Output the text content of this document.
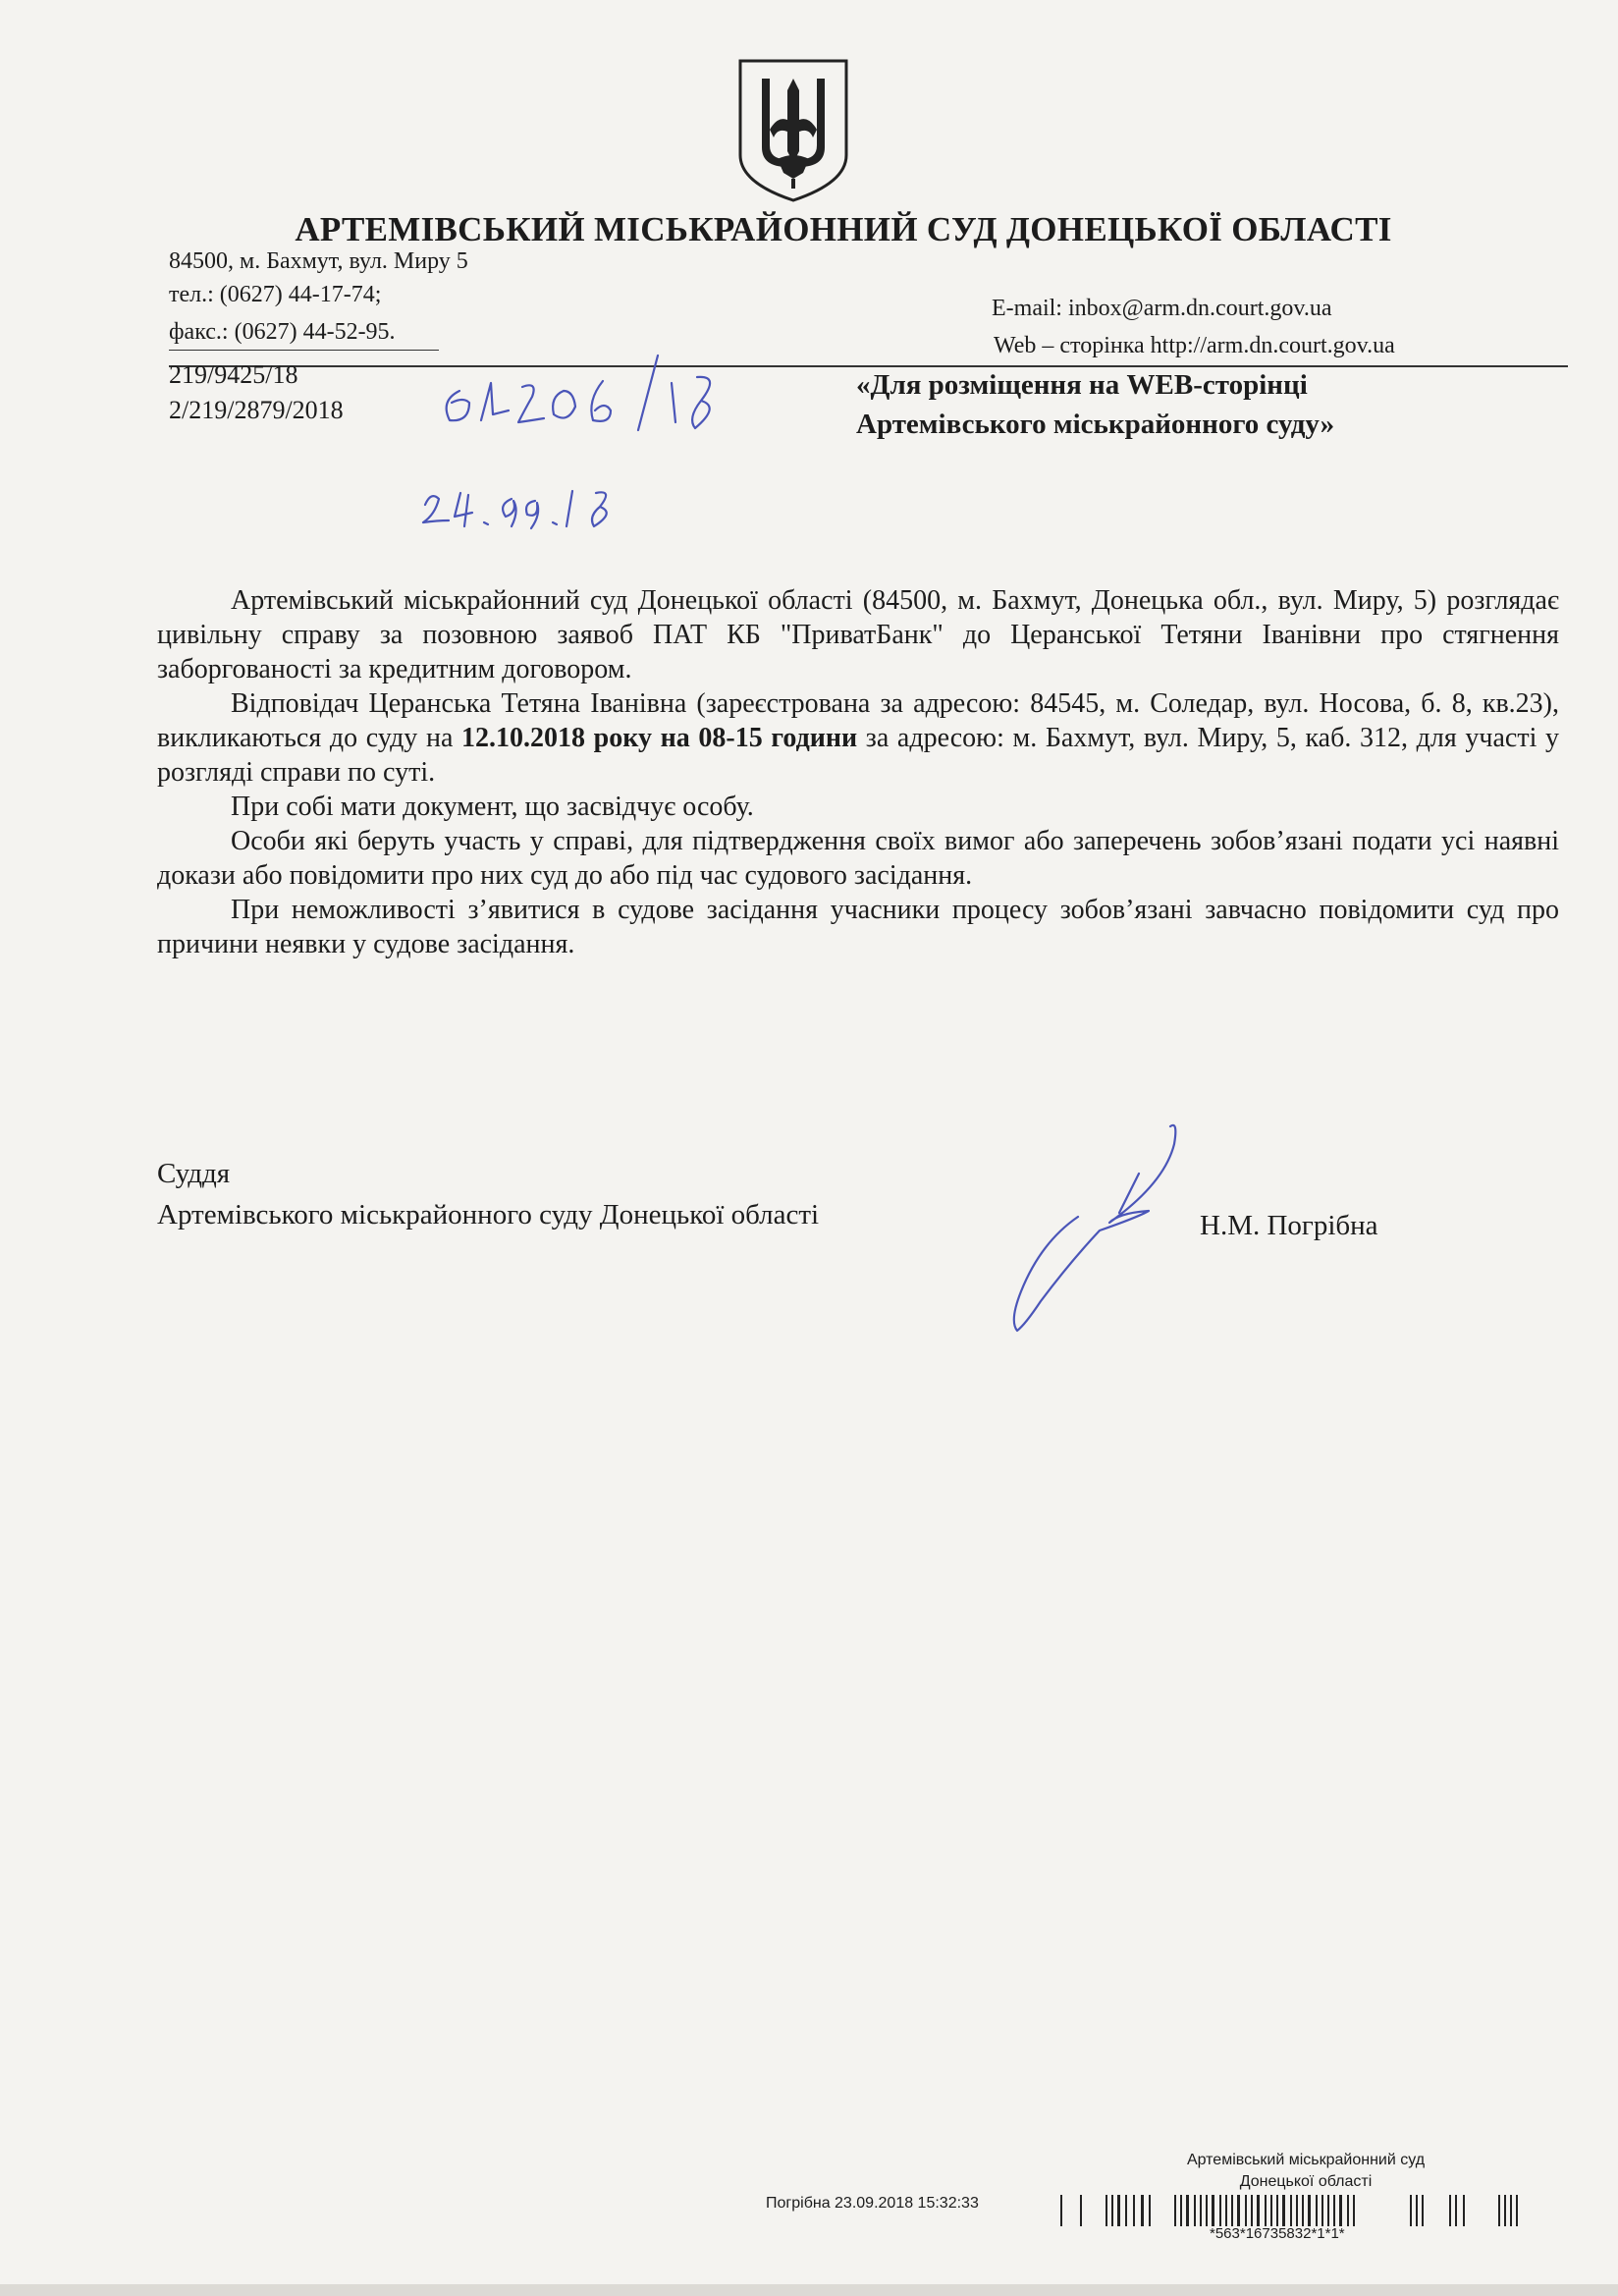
АРТЕМІВСЬКИЙ МІСЬКРАЙОННИЙ СУД ДОНЕЦЬКОЇ ОБЛАСТІ
84500, м. Бахмут, вул. Миру 5
тел.: (0627) 44-17-74;
факс.: (0627) 44-52-95.
E-mail: inbox@arm.dn.court.gov.ua
Web – сторінка http://arm.dn.court.gov.ua
219/9425/18
2/219/2879/2018
«Для розміщення на WEB-сторінці
Артемівського міськрайонного суду»

Артемівський міськрайонний суд Донецької області (84500, м. Бахмут, Донецька обл., вул. Миру, 5) розглядає цивільну справу за позовною заявоб ПАТ КБ "ПриватБанк" до Церанської Тетяни Іванівни про стягнення заборгованості за кредитним договором.

Відповідач Церанська Тетяна Іванівна (зареєстрована за адресою: 84545, м. Соледар, вул. Носова, б. 8, кв.23), викликаються до суду на 12.10.2018 року на 08-15 години за адресою: м. Бахмут, вул. Миру, 5, каб. 312, для участі у розгляді справи по суті.

При собі мати документ, що засвідчує особу.

Особи які беруть участь у справі, для підтвердження своїх вимог або заперечень зобов’язані подати усі наявні докази або повідомити про них суд до або під час судового засідання.

При неможливості з’явитися в судове засідання учасники процесу зобов’язані завчасно повідомити суд про причини неявки у судове засідання.

Суддя
Артемівського міськрайонного суду Донецької області	Н.М. Погрібна
Артемівський міськрайонний суд
Донецької області
Погрібна 23.09.2018 15:32:33
*563*16735832*1*1*
